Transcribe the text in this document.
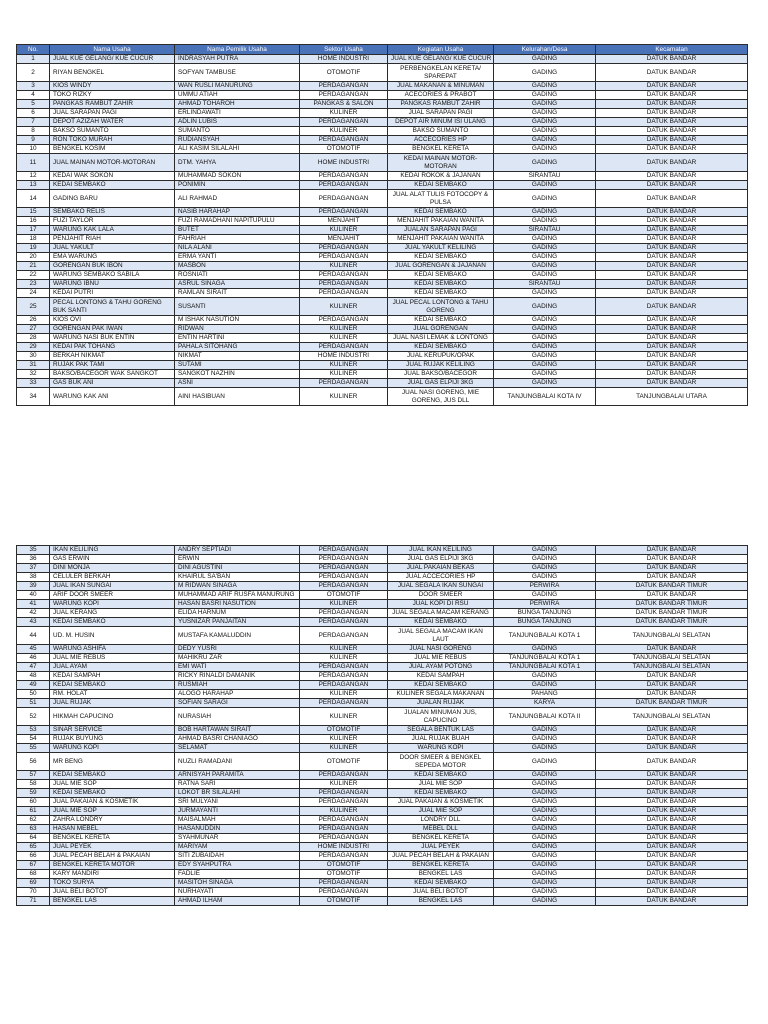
No.	Nama Usaha	Nama Pemilik Usaha	Sektor Usaha	Kegiatan Usaha	Kelurahan/Desa	Kecamatan
1	JUAL KUE GELANG/ KUE CUCUR	INDRASYAH PUTRA	HOME INDUSTRI	JUAL KUE GELANG/ KUE CUCUR	GADING	DATUK BANDAR
2	RIYAN BENGKEL	SOFYAN TAMBUSE	OTOMOTIF	PERBENGKELAN KERETA/ SPAREPAT	GADING	DATUK BANDAR
3	KIOS WINDY	WAN RUSLI MANURUNG	PERDAGANGAN	JUAL MAKANAN & MINUMAN	GADING	DATUK BANDAR
4	TOKO RIZKY	UMMU ATIAH	PERDAGANGAN	ACECORIES & PRABOT	GADING	DATUK BANDAR
5	PANGKAS RAMBUT ZAHIR	AHMAD TOHAROH	PANGKAS & SALON	PANGKAS RAMBUT ZAHIR	GADING	DATUK BANDAR
6	JUAL SARAPAN PAGI	ERLINDAWATI	KULINER	JUAL SARAPAN PAGI	GADING	DATUK BANDAR
7	DEPOT AZIZAH WATER	ADLIN LUBIS	PERDAGANGAN	DEPOT AIR MINUM ISI ULANG	GADING	DATUK BANDAR
8	BAKSO SUMANTO	SUMANTO	KULINER	BAKSO SUMANTO	GADING	DATUK BANDAR
9	RON TOKO MURAH	RUDIANSYAH	PERDAGANGAN	ACCECORIES HP	GADING	DATUK BANDAR
10	BENGKEL KOSIM	ALI KASIM SILALAHI	OTOMOTIF	BENGKEL KERETA	GADING	DATUK BANDAR
11	JUAL MAINAN MOTOR-MOTORAN	DTM. YAHYA	HOME INDUSTRI	KEDAI MAINAN MOTOR-MOTORAN	GADING	DATUK BANDAR
12	KEDAI WAK SOKON	MUHAMMAD SOKON	PERDAGANGAN	KEDAI ROKOK & JAJANAN	SIRANTAU	DATUK BANDAR
13	KEDAI SEMBAKO	PONIMIN	PERDAGANGAN	KEDAI SEMBAKO	GADING	DATUK BANDAR
14	GADING BARU	ALI RAHMAD	PERDAGANGAN	JUAL ALAT TULIS FOTOCOPY & PULSA	GADING	DATUK BANDAR
15	SEMBAKO RELIS	NASIB HARAHAP	PERDAGANGAN	KEDAI SEMBAKO	GADING	DATUK BANDAR
16	FUZI TAYLOR	FUZI RAMADHANI NAPITUPULU	MENJAHIT	MENJAHIT PAKAIAN WANITA	GADING	DATUK BANDAR
17	WARUNG KAK LALA	BUTET	KULINER	JUALAN SARAPAN PAGI	SIRANTAU	DATUK BANDAR
18	PENJAHIT RIAH	FAHRIAH	MENJAHIT	MENJAHIT PAKAIAN WANITA	GADING	DATUK BANDAR
19	JUAL YAKULT	NILA ALANI	PERDAGANGAN	JUAL YAKULT KELILING	GADING	DATUK BANDAR
20	EMA WARUNG	ERMA YANTI	PERDAGANGAN	KEDAI SEMBAKO	GADING	DATUK BANDAR
21	GORENGAN BUK IBON	MASBON	KULINER	JUAL GORENGAN & JAJANAN	GADING	DATUK BANDAR
22	WARUNG SEMBAKO SABILA	ROSNIATI	PERDAGANGAN	KEDAI SEMBAKO	GADING	DATUK BANDAR
23	WARUNG IBNU	ASRUL SINAGA	PERDAGANGAN	KEDAI SEMBAKO	SIRANTAU	DATUK BANDAR
24	KEDAI PUTRI	RAMLAN SIRAIT	PERDAGANGAN	KEDAI SEMBAKO	GADING	DATUK BANDAR
25	PECAL LONTONG & TAHU GORENG BUK SANTI	SUSANTI	KULINER	JUAL PECAL LONTONG & TAHU GORENG	GADING	DATUK BANDAR
26	KIOS OVI	M ISHAK NASUTION	PERDAGANGAN	KEDAI SEMBAKO	GADING	DATUK BANDAR
27	GORENGAN PAK IWAN	RIDWAN	KULINER	JUAL GORENGAN	GADING	DATUK BANDAR
28	WARUNG NASI BUK ENTIN	ENTIN HARTINI	KULINER	JUAL NASI LEMAK & LONTONG	GADING	DATUK BANDAR
29	KEDAI PAK TOHANG	PAHALA SITOHANG	PERDAGANGAN	KEDAI SEMBAKO	GADING	DATUK BANDAR
30	BERKAH NIKMAT	NIKMAT	HOME INDUSTRI	JUAL KERUPUK/OPAK	GADING	DATUK BANDAR
31	RUJAK PAK TAMI	SUTAMI	KULINER	JUAL RUJAK KELILING	GADING	DATUK BANDAR
32	BAKSO/BACEGOR WAK SANGKOT	SANGKOT NAZHIN	KULINER	JUAL BAKSO/BACEGOR	GADING	DATUK BANDAR
33	GAS BUK ANI	ASNI	PERDAGANGAN	JUAL GAS ELPIJI 3KG	GADING	DATUK BANDAR
34	WARUNG KAK ANI	AINI HASIBUAN	KULINER	JUAL NASI GORENG, MIE GORENG, JUS DLL	TANJUNGBALAI KOTA IV	TANJUNGBALAI UTARA
35	IKAN KELILING	ANDRY SEPTIADI	PERDAGANGAN	JUAL IKAN KELILING	GADING	DATUK BANDAR
36	GAS ERWIN	ERWIN	PERDAGANGAN	JUAL GAS ELPIJI 3KG	GADING	DATUK BANDAR
37	DINI MONJA	DINI AGUSTINI	PERDAGANGAN	JUAL PAKAIAN BEKAS	GADING	DATUK BANDAR
38	CELULER BERKAH	KHAIRUL SA'BAN	PERDAGANGAN	JUAL ACCECORIES HP	GADING	DATUK BANDAR
39	JUAL IKAN SUNGAI	M RIDWAN SINAGA	PERDAGANGAN	JUAL SEGALA IKAN SUNGAI	PERWIRA	DATUK BANDAR TIMUR
40	ARIF DOOR SMEER	MUHAMMAD ARIF RUSFA MANURUNG	OTOMOTIF	DOOR SMEER	GADING	DATUK BANDAR
41	WARUNG KOPI	HASAN BASRI NASUTION	KULINER	JUAL KOPI DI RSU	PERWIRA	DATUK BANDAR TIMUR
42	JUAL KERANG	ELIDA HARNUM	PERDAGANGAN	JUAL SEGALA MACAM KERANG	BUNGA TANJUNG	DATUK BANDAR TIMUR
43	KEDAI SEMBAKO	YUSNIZAR PANJAITAN	PERDAGANGAN	KEDAI SEMBAKO	BUNGA TANJUNG	DATUK BANDAR TIMUR
44	UD. M. HUSIN	MUSTAFA KAMALUDDIN	PERDAGANGAN	JUAL SEGALA MACAM IKAN LAUT	TANJUNGBALAI KOTA 1	TANJUNGBALAI SELATAN
45	WARUNG ASHIFA	DEDY YUSRI	KULINER	JUAL NASI GORENG	GADING	DATUK BANDAR
46	JUAL MIE REBUS	MAHIKRU ZAR	KULINER	JUAL MIE REBUS	TANJUNGBALAI KOTA 1	TANJUNGBALAI SELATAN
47	JUAL AYAM	EMI WATI	PERDAGANGAN	JUAL AYAM POTONG	TANJUNGBALAI KOTA 1	TANJUNGBALAI SELATAN
48	KEDAI SAMPAH	RICKY RINALDI DAMANIK	PERDAGANGAN	KEDAI SAMPAH	GADING	DATUK BANDAR
49	KEDAI SEMBAKO	RUSMIAH	PERDAGANGAN	KEDAI SEMBAKO	GADING	DATUK BANDAR
50	RM. HOLAT	ALOGO HARAHAP	KULINER	KULINER SEGALA MAKANAN	PAHANG	DATUK BANDAR
51	JUAL RUJAK	SOFIAN SARAGI	PERDAGANGAN	JUALAN RUJAK	KARYA	DATUK BANDAR TIMUR
52	HIKMAH CAPUCINO	NURASIAH	KULINER	JUALAN MINUMAN JUS, CAPUCINO	TANJUNGBALAI KOTA II	TANJUNGBALAI SELATAN
53	SINAR SERVICE	BOB HARTAWAN SIRAIT	OTOMOTIF	SEGALA BENTUK LAS	GADING	DATUK BANDAR
54	RUJAK BUYUNG	AHMAD BASRI CHANIAGO	KULINER	JUAL RUJAK BUAH	GADING	DATUK BANDAR
55	WARUNG KOPI	SELAMAT	KULINER	WARUNG KOPI	GADING	DATUK BANDAR
56	MR BENG	NUZLI RAMADANI	OTOMOTIF	DOOR SMEER & BENGKEL SEPEDA MOTOR	GADING	DATUK BANDAR
57	KEDAI SEMBAKO	ARNISYAH PARAMITA	PERDAGANGAN	KEDAI SEMBAKO	GADING	DATUK BANDAR
58	JUAL MIE SOP	RATNA SARI	KULINER	JUAL MIE SOP	GADING	DATUK BANDAR
59	KEDAI SEMBAKO	LOKOT BR SILALAHI	PERDAGANGAN	KEDAI SEMBAKO	GADING	DATUK BANDAR
60	JUAL PAKAIAN & KOSMETIK	SRI MULYANI	PERDAGANGAN	JUAL PAKAIAN & KOSMETIK	GADING	DATUK BANDAR
61	JUAL MIE SOP	JURMAYANTI	KULINER	JUAL MIE SOP	GADING	DATUK BANDAR
62	ZAHRA LONDRY	MAISALMAH	PERDAGANGAN	LONDRY DLL	GADING	DATUK BANDAR
63	HASAN MEBEL	HASANUDDIN	PERDAGANGAN	MEBEL DLL	GADING	DATUK BANDAR
64	BENGKEL KERETA	SYAHMUNAR	PERDAGANGAN	BENGKEL KERETA	GADING	DATUK BANDAR
65	JUAL PEYEK	MARIYAM	HOME INDUSTRI	JUAL PEYEK	GADING	DATUK BANDAR
66	JUAL PECAH BELAH & PAKAIAN	SITI ZUBAIDAH	PERDAGANGAN	JUAL PECAH BELAH & PAKAIAN	GADING	DATUK BANDAR
67	BENGKEL KERETA MOTOR	EDY SYAHPUTRA	OTOMOTIF	BENGKEL KERETA	GADING	DATUK BANDAR
68	KARY MANDIRI	FADLIE	OTOMOTIF	BENGKEL LAS	GADING	DATUK BANDAR
69	TOKO SURYA	MASITOH SINAGA	PERDAGANGAN	KEDAI SEMBAKO	GADING	DATUK BANDAR
70	JUAL BELI BOTOT	NURHAYATI	PERDAGANGAN	JUAL BELI BOTOT	GADING	DATUK BANDAR
71	BENGKEL LAS	AHMAD ILHAM	OTOMOTIF	BENGKEL LAS	GADING	DATUK BANDAR
